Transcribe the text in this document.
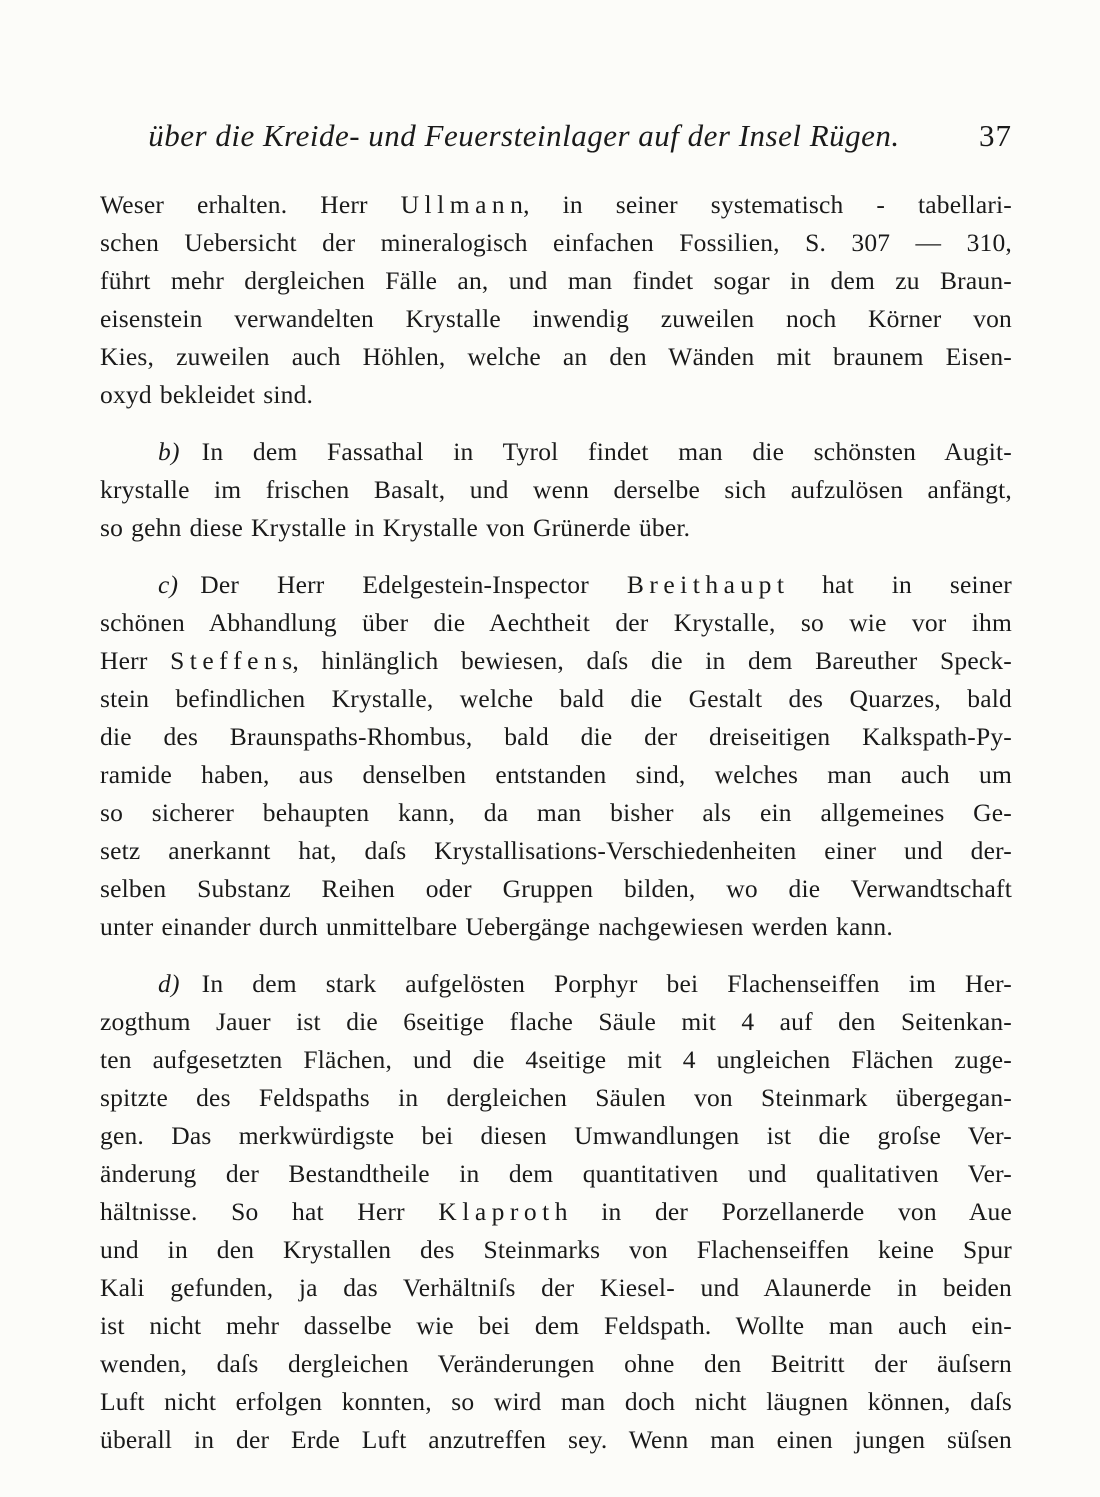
über die Kreide- und Feuersteinlager auf der Insel Rügen.	37
Weser erhalten. Herr U l l m a n n, in seiner systematisch - tabellari-
schen Uebersicht der mineralogisch einfachen Fossilien, S. 307 — 310,
führt mehr dergleichen Fälle an, und man findet sogar in dem zu Braun-
eisenstein verwandelten Krystalle inwendig zuweilen noch Körner von
Kies, zuweilen auch Höhlen, welche an den Wänden mit braunem Eisen-
oxyd bekleidet sind.
b) In dem Fassathal in Tyrol findet man die schönsten Augit-
krystalle im frischen Basalt, und wenn derselbe sich aufzulösen anfängt,
so gehn diese Krystalle in Krystalle von Grünerde über.
c) Der Herr Edelgestein-Inspector B r e i t h a u p t hat in seiner
schönen Abhandlung über die Aechtheit der Krystalle, so wie vor ihm
Herr S t e f f e n s, hinlänglich bewiesen, daſs die in dem Bareuther Speck-
stein befindlichen Krystalle, welche bald die Gestalt des Quarzes, bald
die des Braunspaths-Rhombus, bald die der dreiseitigen Kalkspath-Py-
ramide haben, aus denselben entstanden sind, welches man auch um
so sicherer behaupten kann, da man bisher als ein allgemeines Ge-
setz anerkannt hat, daſs Krystallisations-Verschiedenheiten einer und der-
selben Substanz Reihen oder Gruppen bilden, wo die Verwandtschaft
unter einander durch unmittelbare Uebergänge nachgewiesen werden kann.
d) In dem stark aufgelösten Porphyr bei Flachenseiffen im Her-
zogthum Jauer ist die 6seitige flache Säule mit 4 auf den Seitenkan-
ten aufgesetzten Flächen, und die 4seitige mit 4 ungleichen Flächen zuge-
spitzte des Feldspaths in dergleichen Säulen von Steinmark übergegan-
gen. Das merkwürdigste bei diesen Umwandlungen ist die groſse Ver-
änderung der Bestandtheile in dem quantitativen und qualitativen Ver-
hältnisse. So hat Herr K l a p r o t h in der Porzellanerde von Aue
und in den Krystallen des Steinmarks von Flachenseiffen keine Spur
Kali gefunden, ja das Verhältniſs der Kiesel- und Alaunerde in beiden
ist nicht mehr dasselbe wie bei dem Feldspath. Wollte man auch ein-
wenden, daſs dergleichen Veränderungen ohne den Beitritt der äuſsern
Luft nicht erfolgen konnten, so wird man doch nicht läugnen können, daſs
überall in der Erde Luft anzutreffen sey. Wenn man einen jungen süſsen
